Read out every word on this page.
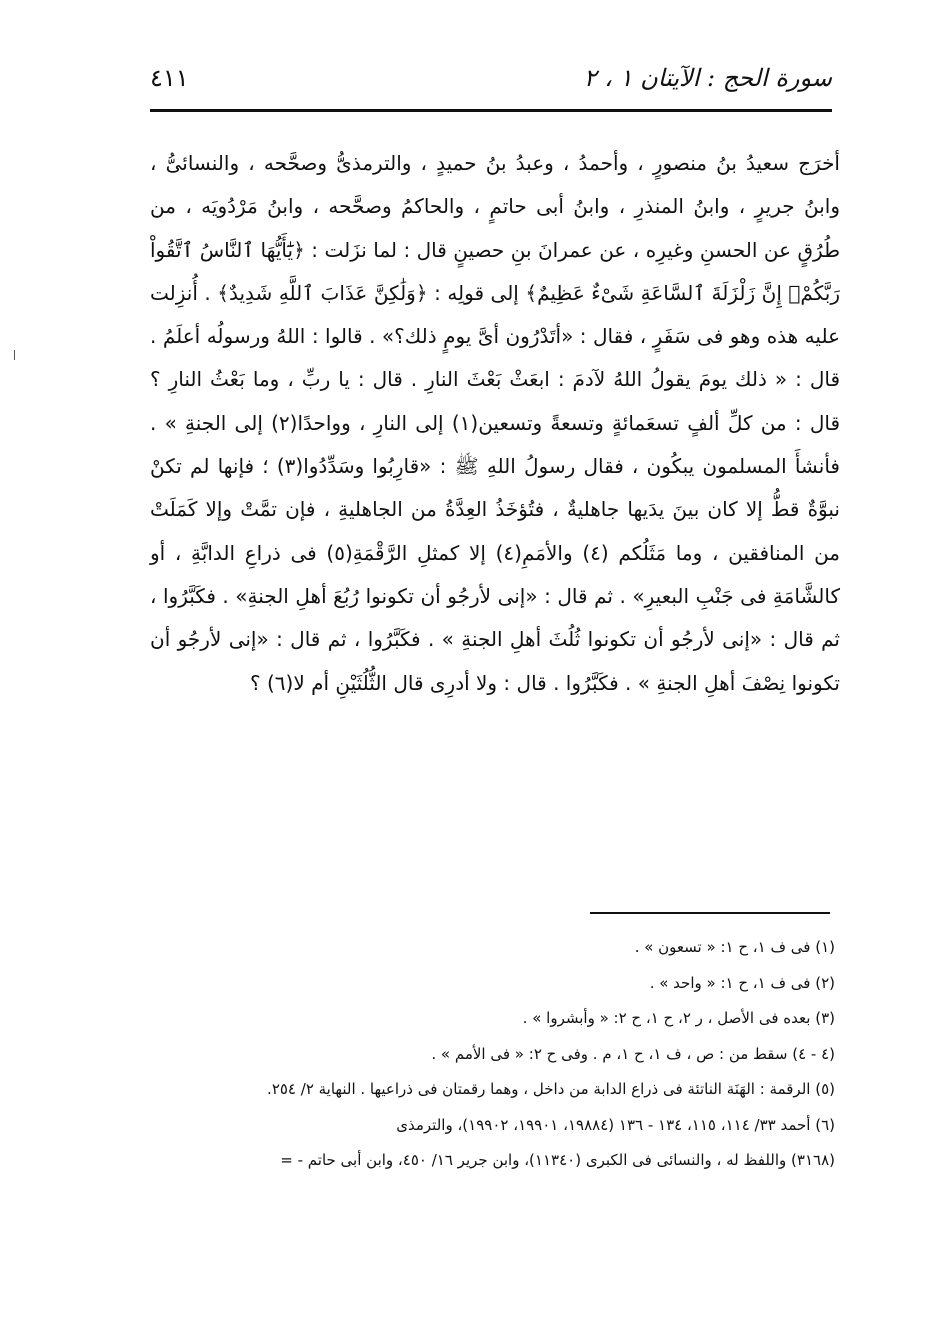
سورة الحج : الآيتان ١ ، ٢
٤١١

أخرَج سعيدُ بنُ منصورٍ ، وأحمدُ ، وعبدُ بنُ حميدٍ ، والترمذىُّ وصحَّحه ، والنسائىُّ ، وابنُ جريرٍ ، وابنُ المنذرِ ، وابنُ أبى حاتمٍ ، والحاكمُ وصحَّحه ، وابنُ مَرْدُويَه ، من طُرُقٍ عن الحسنِ وغيرِه ، عن عمرانَ بنِ حصينٍ قال : لما نزَلت : ﴿يَٰٓأَيُّهَا ٱلنَّاسُ ٱتَّقُواْ رَبَّكُمْۚ إِنَّ زَلْزَلَةَ ٱلسَّاعَةِ شَىْءٌ عَظِيمٌ﴾ إلى قولِه : ﴿وَلَٰكِنَّ عَذَابَ ٱللَّهِ شَدِيدٌ﴾ . أُنزِلت عليه هذه وهو فى سَفَرٍ ، فقال : «أتَدْرُون أىَّ يومٍ ذلك؟» . قالوا : اللهُ ورسولُه أعلَمُ . قال : « ذلك يومَ يقولُ اللهُ لآدمَ : ابعَثْ بَعْثَ النارِ . قال : يا ربِّ ، وما بَعْثُ النارِ ؟ قال : من كلِّ ألفٍ تسعَمائةٍ وتسعةً وتسعين(١) إلى النارِ ، وواحدًا(٢) إلى الجنةِ » . فأنشأَ المسلمون يبكُون ، فقال رسولُ اللهِ ﷺ : «قارِبُوا وسَدِّدُوا(٣) ؛ فإنها لم تكنْ نبوَّةٌ قطُّ إلا كان بينَ يدَيها جاهليةٌ ، فتُؤخَذُ العِدَّةُ من الجاهليةِ ، فإن تمَّتْ وإلا كَمَلَتْ من المنافقين ، وما مَثَلُكم (٤) والأمَمِ(٤) إلا كمثلِ الرَّقْمَةِ(٥) فى ذراعِ الدابَّةِ ، أو كالشَّامَةِ فى جَنْبِ البعيرِ» . ثم قال : «إنى لأرجُو أن تكونوا رُبُعَ أهلِ الجنةِ» . فكَبَّرُوا ، ثم قال : «إنى لأرجُو أن تكونوا ثُلُثَ أهلِ الجنةِ » . فكَبَّرُوا ، ثم قال : «إنى لأرجُو أن تكونوا نِصْفَ أهلِ الجنةِ » . فكَبَّرُوا . قال : ولا أدرِى قال الثُّلُثَيْنِ أم لا(٦) ؟

(١) فى ف ١، ح ١: « تسعون » .
(٢) فى ف ١، ح ١: « واحد » .
(٣) بعده فى الأصل ، ر ٢، ح ١، ح ٢: « وأبشروا » .
(٤ - ٤) سقط من : ص ، ف ١، ح ١، م . وفى ح ٢: « فى الأمم » .
(٥) الرقمة : الهَنَة الناتئة فى ذراع الدابة من داخل ، وهما رقمتان فى ذراعيها . النهاية ٢/ ٢٥٤.
(٦) أحمد ٣٣/ ١١٤، ١١٥، ١٣٤ - ١٣٦ (١٩٨٨٤، ١٩٩٠١، ١٩٩٠٢)، والترمذى
(٣١٦٨) واللفظ له ، والنسائى فى الكبرى (١١٣٤٠)، وابن جرير ١٦/ ٤٥٠، وابن أبى حاتم - =
